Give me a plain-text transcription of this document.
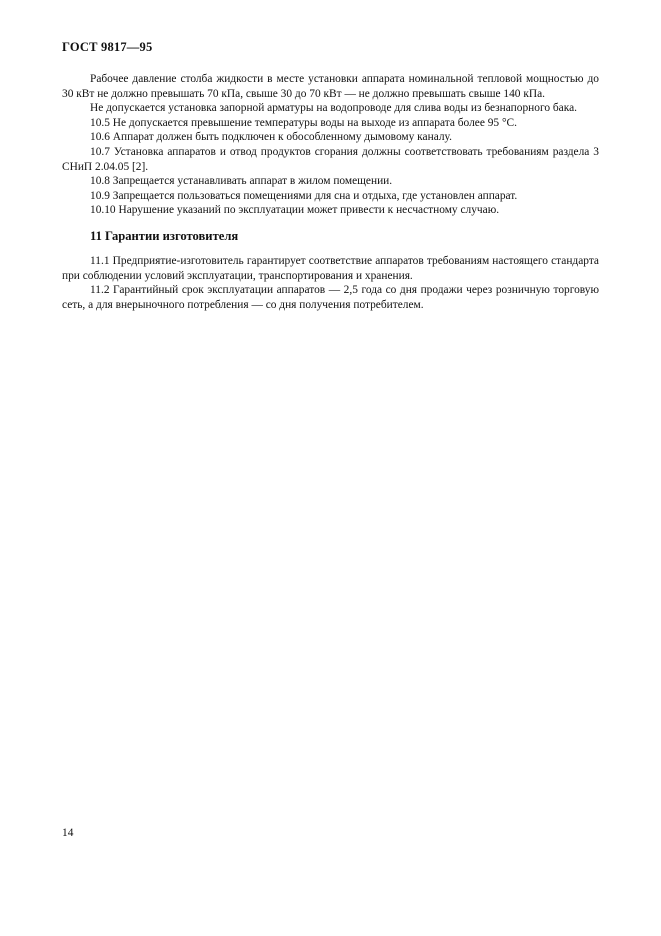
ГОСТ 9817—95

Рабочее давление столба жидкости в месте установки аппарата номинальной тепловой мощностью до 30 кВт не должно превышать 70 кПа, свыше 30 до 70 кВт — не должно превышать свыше 140 кПа.

Не допускается установка запорной арматуры на водопроводе для слива воды из безнапорного бака.

10.5 Не допускается превышение температуры воды на выходе из аппарата более 95 °С.

10.6 Аппарат должен быть подключен к обособленному дымовому каналу.

10.7 Установка аппаратов и отвод продуктов сгорания должны соответствовать требованиям раздела 3 СНиП 2.04.05 [2].

10.8 Запрещается устанавливать аппарат в жилом помещении.

10.9 Запрещается пользоваться помещениями для сна и отдыха, где установлен аппарат.

10.10 Нарушение указаний по эксплуатации может привести к несчастному случаю.

11 Гарантии изготовителя

11.1 Предприятие-изготовитель гарантирует соответствие аппаратов требованиям настоящего стандарта при соблюдении условий эксплуатации, транспортирования и хранения.

11.2 Гарантийный срок эксплуатации аппаратов — 2,5 года со дня продажи через розничную торговую сеть, а для внерыночного потребления — со дня получения потребителем.

14
